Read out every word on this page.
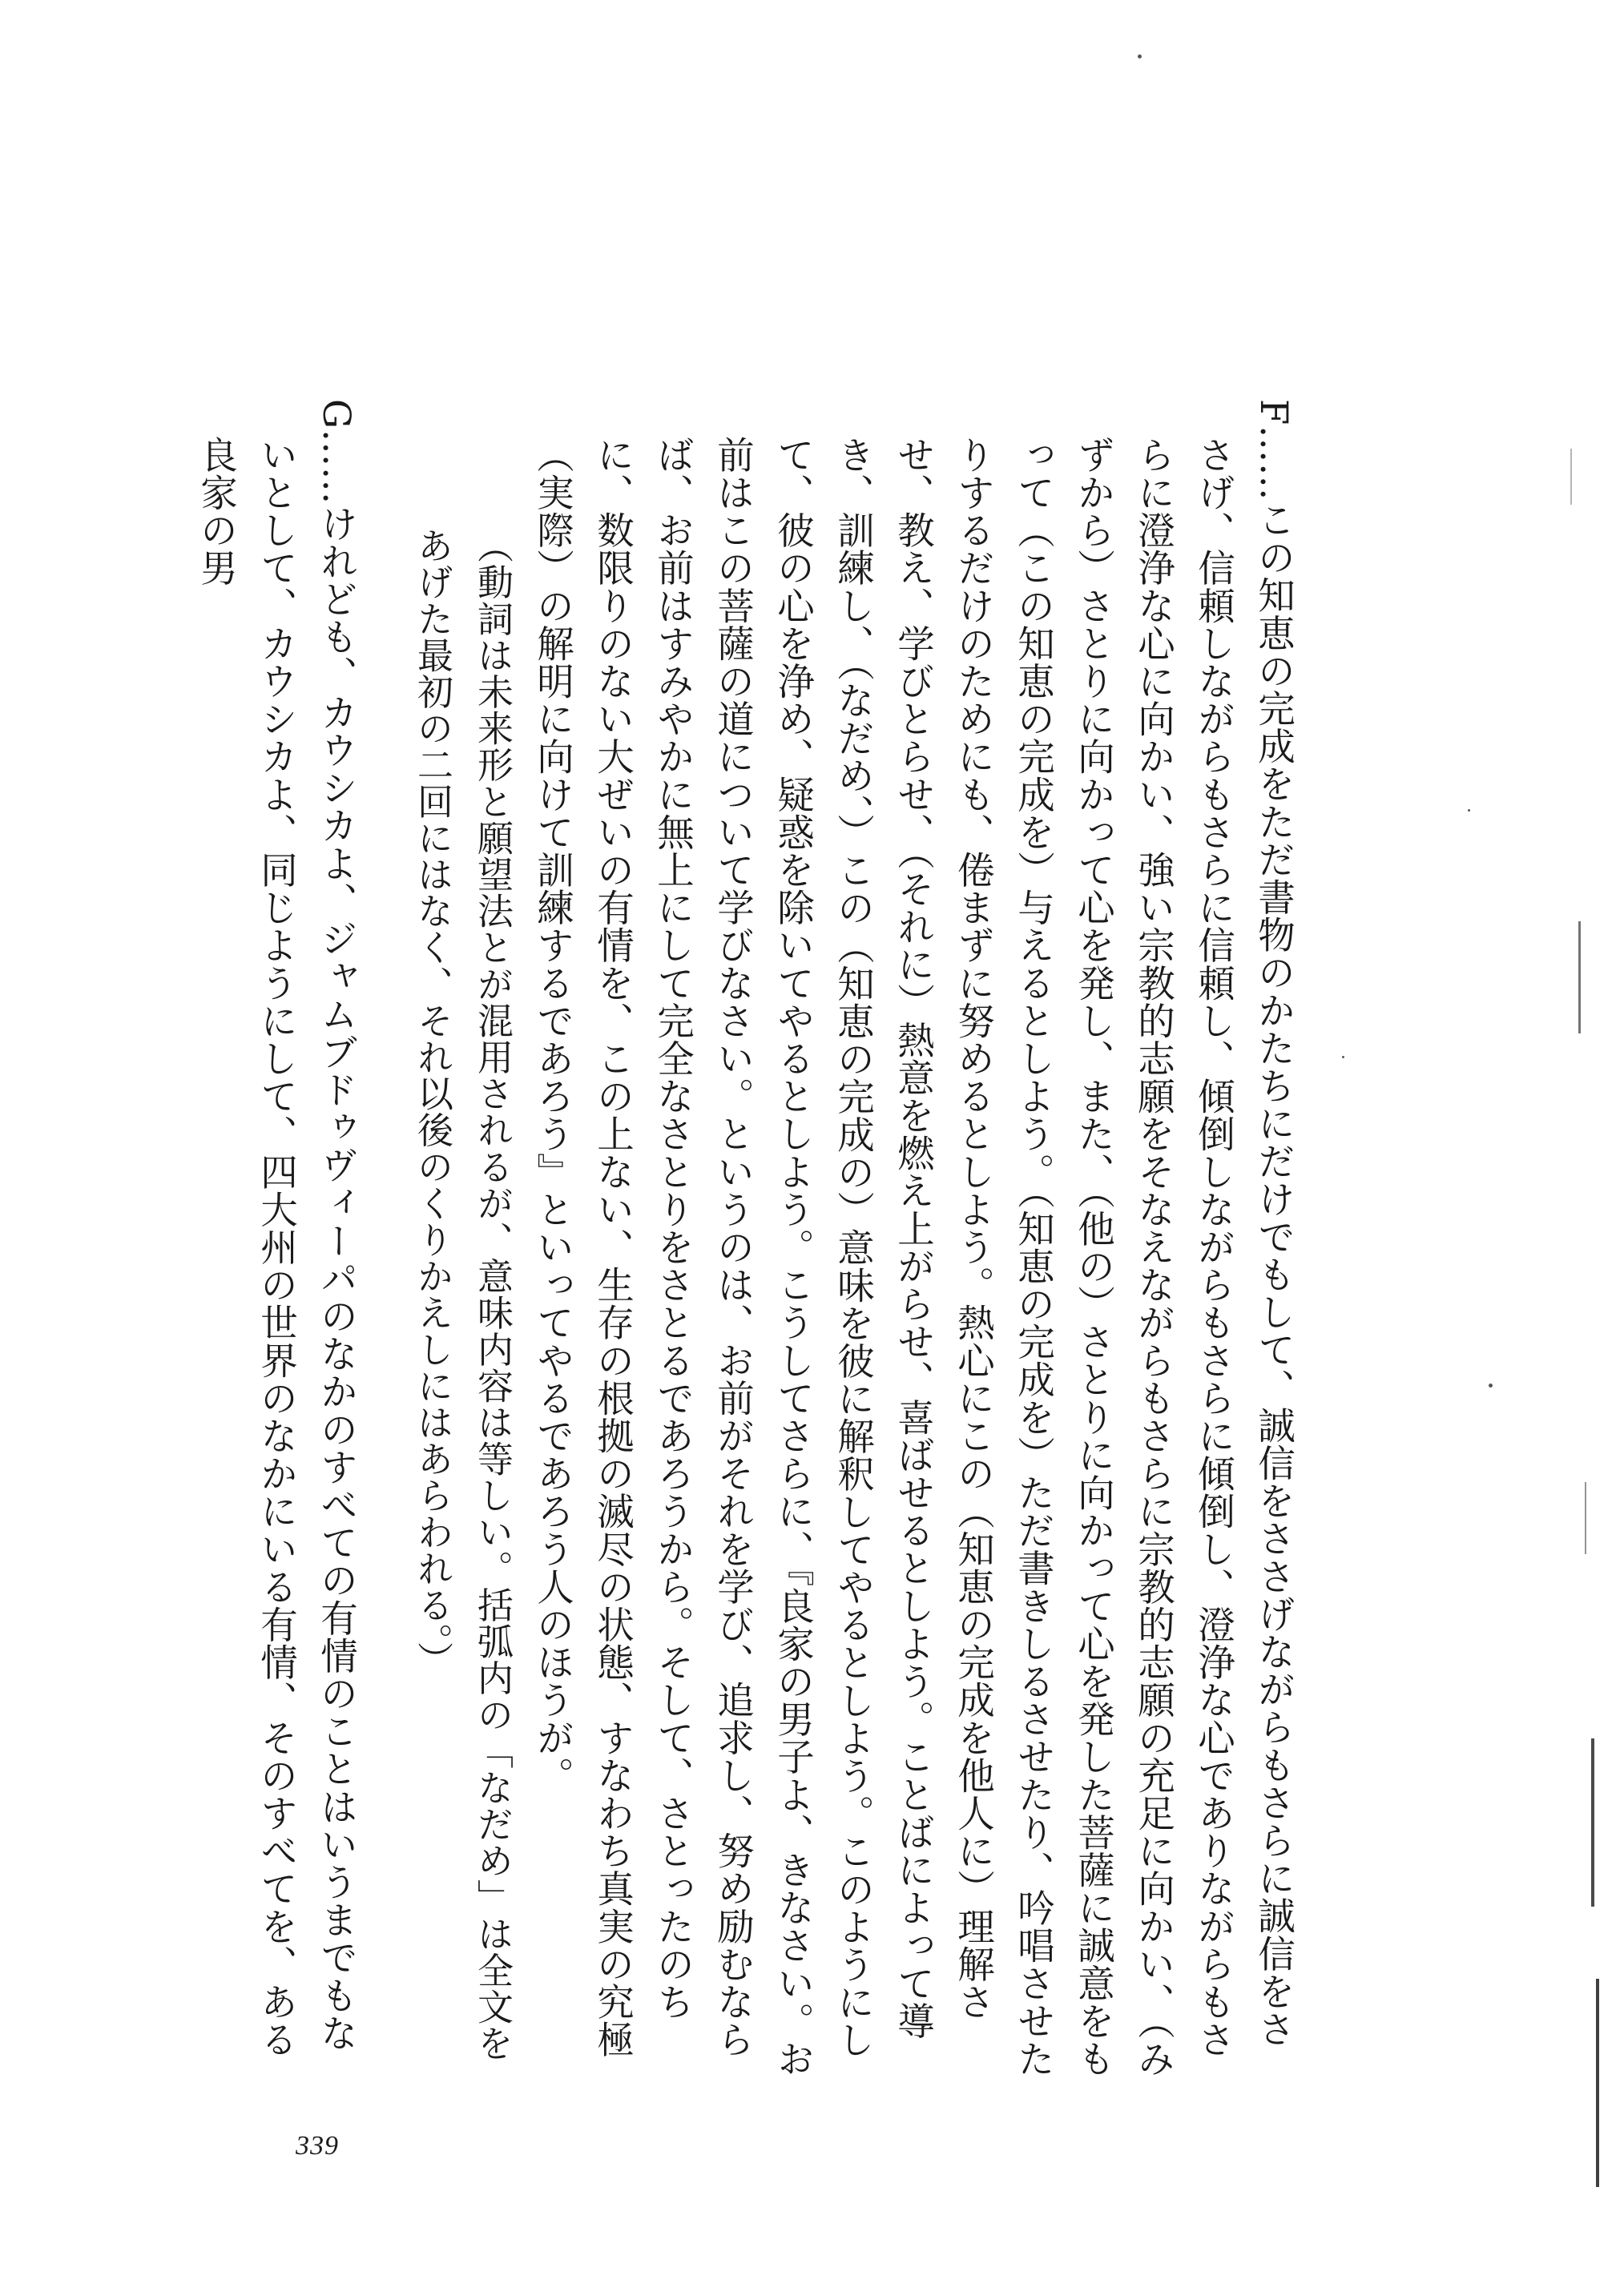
F……この知恵の完成をただ書物のかたちにだけでもして、誠信をささげながらもさらに誠信をささげ、信頼しながらもさらに信頼し、傾倒しながらもさらに傾倒し、澄浄な心でありながらもさらに澄浄な心に向かい、強い宗教的志願をそなえながらもさらに宗教的志願の充足に向かい、（みずから）さとりに向かって心を発し、また、（他の）さとりに向かって心を発した菩薩に誠意をもって（この知恵の完成を）与えるとしよう。（知恵の完成を）ただ書きしるさせたり、吟唱させたりするだけのためにも、倦まずに努めるとしよう。熱心にこの（知恵の完成を他人に）理解させ、教え、学びとらせ、（それに）熱意を燃え上がらせ、喜ばせるとしよう。ことばによって導き、訓練し、（なだめ、）この（知恵の完成の）意味を彼に解釈してやるとしよう。このようにして、彼の心を浄め、疑惑を除いてやるとしよう。こうしてさらに、『良家の男子よ、きなさい。お前はこの菩薩の道について学びなさい。というのは、お前がそれを学び、追求し、努め励むならば、お前はすみやかに無上にして完全なさとりをさとるであろうから。そして、さとったのちに、数限りのない大ぜいの有情を、この上ない、生存の根拠の滅尽の状態、すなわち真実の究極（実際）の解明に向けて訓練するであろう』といってやるであろう人のほうが。

（動詞は未来形と願望法とが混用されるが、意味内容は等しい。括弧内の「なだめ」は全文をあげた最初の二回にはなく、それ以後のくりかえしにはあらわれる。）

G……けれども、カウシカよ、ジャムブドゥヴィーパのなかのすべての有情のことはいうまでもないとして、カウシカよ、同じようにして、四大州の世界のなかにいる有情、そのすべてを、ある良家の男

339
